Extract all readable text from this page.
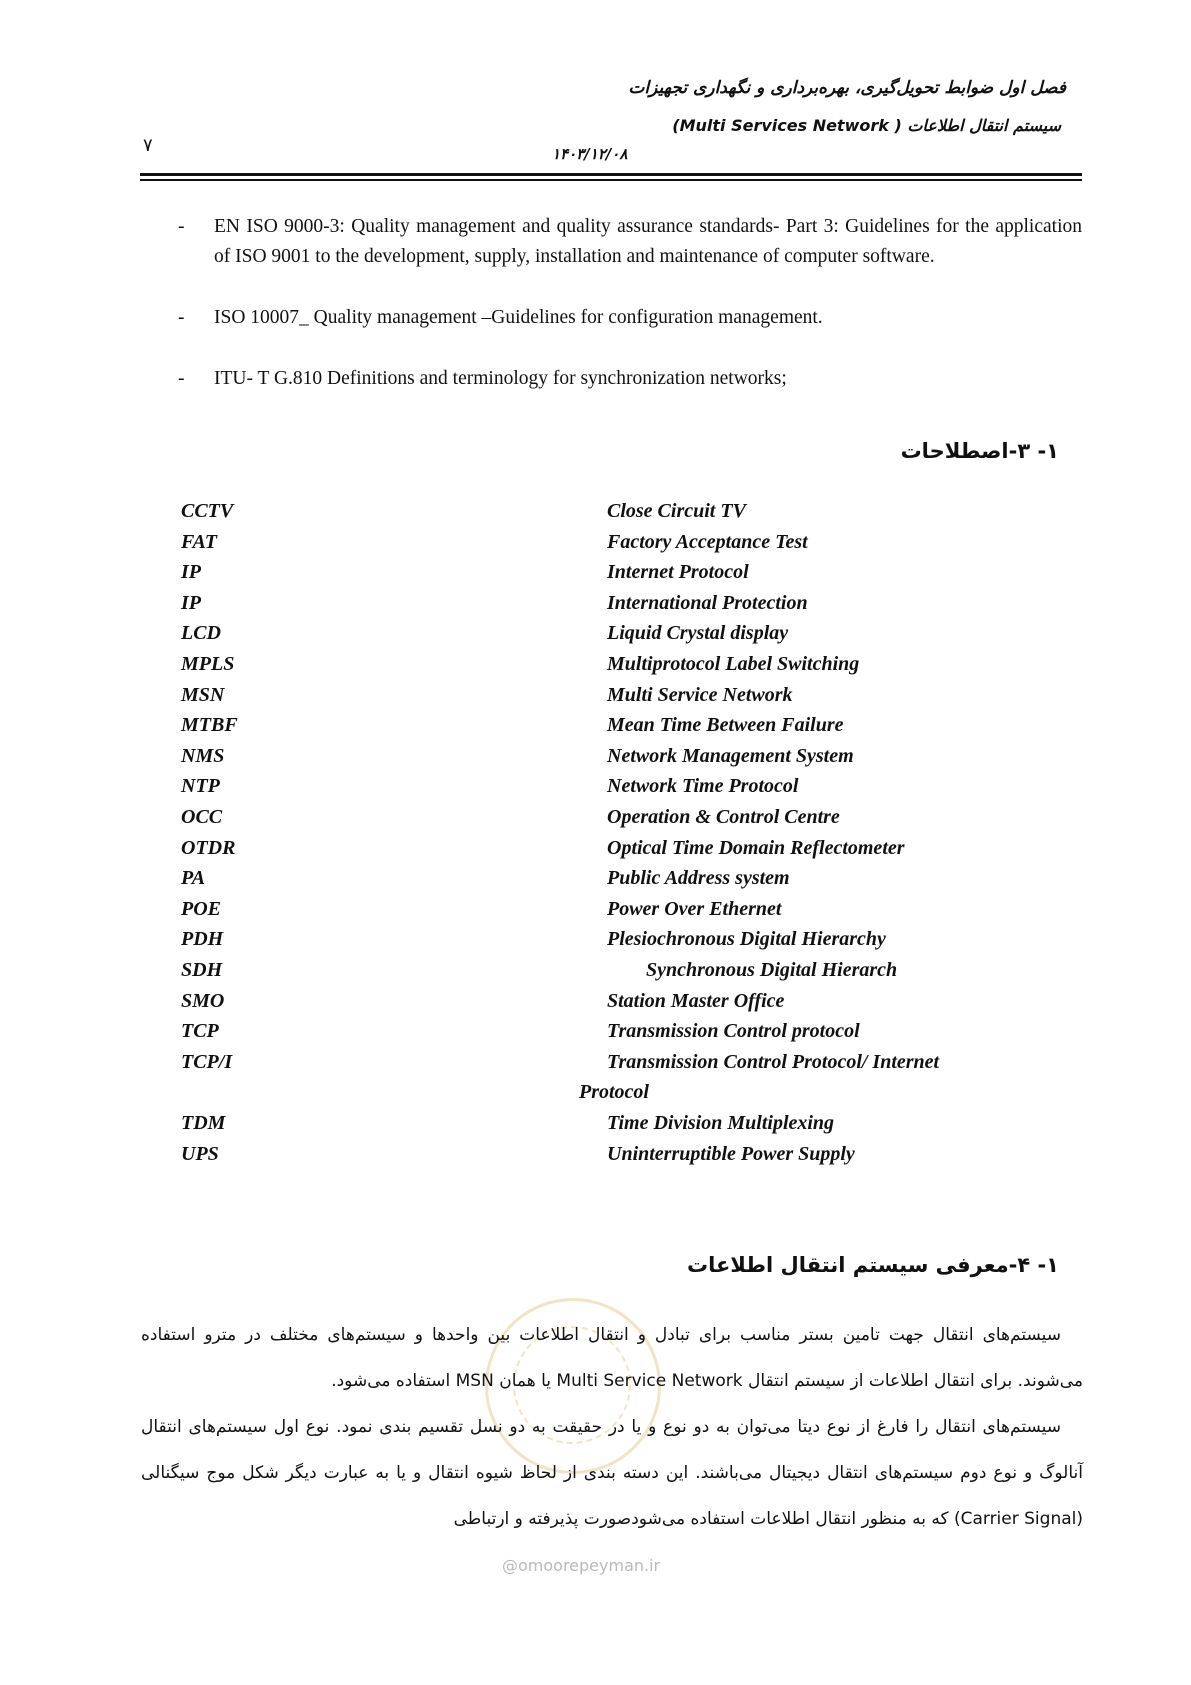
فصل اول ضوابط تحویل‌گیری، بهره‌برداری و نگهداری تجهیزات
سیستم انتقال اطلاعات ( Multi Services Network)
۱۴۰۳/۱۲/۰۸
۷
- EN ISO 9000-3: Quality management and quality assurance standards- Part 3: Guidelines for the application of ISO 9001 to the development, supply, installation and maintenance of computer software.
- ISO 10007_ Quality management –Guidelines for configuration management.
- ITU- T G.810 Definitions and terminology for synchronization networks;
۱- ۳-اصطلاحات
CCTV	Close Circuit TV
FAT	Factory Acceptance Test
IP	Internet Protocol
IP	International Protection
LCD	Liquid Crystal display
MPLS	Multiprotocol Label Switching
MSN	Multi Service Network
MTBF	Mean Time Between Failure
NMS	Network Management System
NTP	Network Time Protocol
OCC	Operation & Control Centre
OTDR	Optical Time Domain Reflectometer
PA	Public Address system
POE	Power Over Ethernet
PDH	Plesiochronous Digital Hierarchy
SDH	Synchronous Digital Hierarch
SMO	Station Master Office
TCP	Transmission Control protocol
TCP/I	Transmission Control Protocol/ Internet
Protocol
TDM	Time Division Multiplexing
UPS	Uninterruptible Power Supply
۱- ۴-معرفی سیستم انتقال اطلاعات

سیستم‌های انتقال جهت تامین بستر مناسب برای تبادل و انتقال اطلاعات بین واحدها و سیستم‌های مختلف در مترو استفاده می‌شوند. برای انتقال اطلاعات از سیستم انتقال Multi Service Network یا همان MSN استفاده می‌شود.

سیستم‌های انتقال را فارغ از نوع دیتا می‌توان به دو نوع و یا در حقیقت به دو نسل تقسیم بندی نمود. نوع اول سیستم‌های انتقال آنالوگ و نوع دوم سیستم‌های انتقال دیجیتال می‌باشند. این دسته بندی از لحاظ شیوه انتقال و یا به عبارت دیگر شکل موج سیگنالی (Carrier Signal) که به منظور انتقال اطلاعات استفاده می‌شودصورت پذیرفته و ارتباطی

@omoorepeyman.ir
